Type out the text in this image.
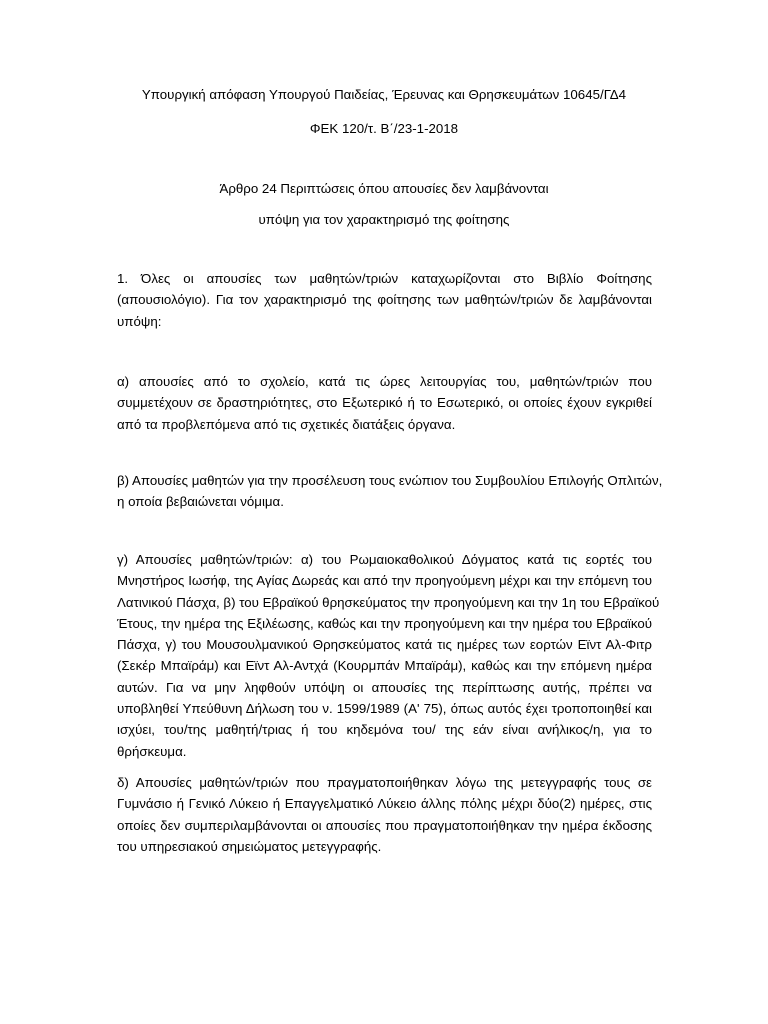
Υπουργική απόφαση Υπουργού Παιδείας, Έρευνας και Θρησκευμάτων 10645/ΓΔ4
ΦΕΚ 120/τ. Β΄/23-1-2018
Άρθρο 24 Περιπτώσεις όπου απουσίες δεν λαμβάνονται
υπόψη για τον χαρακτηρισμό της φοίτησης
1. Όλες οι απουσίες των μαθητών/τριών καταχωρίζονται στο Βιβλίο Φοίτησης
(απουσιολόγιο). Για τον χαρακτηρισμό της φοίτησης των μαθητών/τριών δε λαμβάνονται
υπόψη:
α) απουσίες από το σχολείο, κατά τις ώρες λειτουργίας του, μαθητών/τριών που
συμμετέχουν σε δραστηριότητες, στο Εξωτερικό ή το Εσωτερικό, οι οποίες έχουν εγκριθεί
από τα προβλεπόμενα από τις σχετικές διατάξεις όργανα.
β) Απουσίες μαθητών για την προσέλευση τους ενώπιον του Συμβουλίου Επιλογής Οπλιτών,
η οποία βεβαιώνεται νόμιμα.
γ) Απουσίες μαθητών/τριών: α) του Ρωμαιοκαθολικού Δόγματος κατά τις εορτές του
Μνηστήρος Ιωσήφ, της Αγίας Δωρεάς και από την προηγούμενη μέχρι και την επόμενη του
Λατινικού Πάσχα, β) του Εβραϊκού θρησκεύματος την προηγούμενη και την 1η του Εβραϊκού
Έτους, την ημέρα της Εξιλέωσης, καθώς και την προηγούμενη και την ημέρα του Εβραϊκού
Πάσχα, γ) του Μουσουλμανικού Θρησκεύματος κατά τις ημέρες των εορτών Εϊντ Αλ-Φιτρ
(Σεκέρ Μπαϊράμ) και Εϊντ Αλ-Αντχά (Κουρμπάν Μπαϊράμ), καθώς και την επόμενη ημέρα
αυτών. Για να μην ληφθούν υπόψη οι απουσίες της περίπτωσης αυτής, πρέπει να
υποβληθεί Υπεύθυνη Δήλωση του ν. 1599/1989 (Α' 75), όπως αυτός έχει τροποποιηθεί και
ισχύει, του/της μαθητή/τριας ή του κηδεμόνα του/ της εάν είναι ανήλικος/η, για το
θρήσκευμα.
δ) Απουσίες μαθητών/τριών που πραγματοποιήθηκαν λόγω της μετεγγραφής τους σε
Γυμνάσιο ή Γενικό Λύκειο ή Επαγγελματικό Λύκειο άλλης πόλης μέχρι δύο(2) ημέρες, στις
οποίες δεν συμπεριλαμβάνονται οι απουσίες που πραγματοποιήθηκαν την ημέρα έκδοσης
του υπηρεσιακού σημειώματος μετεγγραφής.
